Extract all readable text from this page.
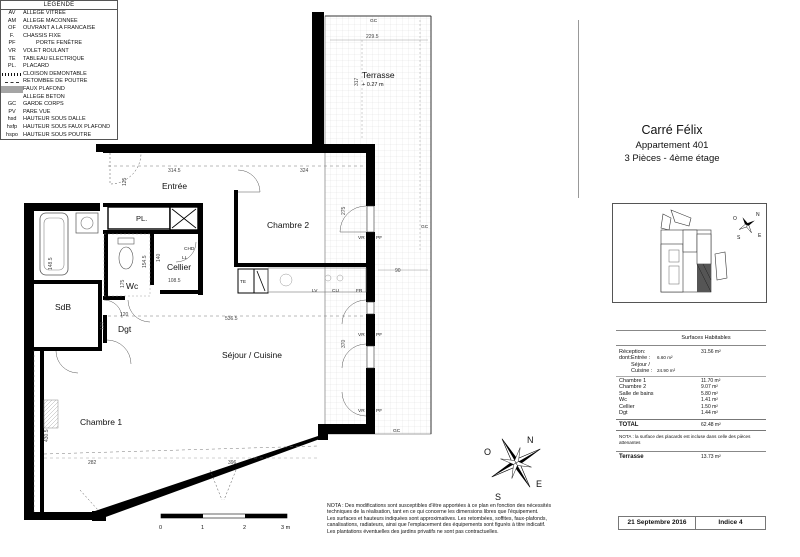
LEGENDE
AV	ALLEGE VITREE
AM	ALLEGE MACONNEE
OF	OUVRANT A LA FRANCAISE
F.	CHASSIS FIXE
PF	PORTE FENÊTRE
VR	VOLET ROULANT
TE	TABLEAU ELECTRIQUE
PL.	PLACARD
CLOISON DEMONTABLE
RETOMBEE DE POUTRE
FAUX PLAFOND
ALLEGE BETON
GC	GARDE CORPS
PV	PARE VUE
hsd	HAUTEUR SOUS DALLE
hsfp	HAUTEUR SOUS FAUX PLAFOND
hspo HAUTEUR SOUS POUTRE
Terrasse
Entrée
Chambre 2
PL.
Cellier
Wc
SdB
Dgt
Séjour / Cuisine
Chambre 1
+ 0.27 m
229.5
317
314.5	324
125
275
140
154.5
148.5
175	108.5
120
120
536.5
370
90
282	396
430.5
GC
GC
GC
VR PF
VR PF
VR PF
TE
LV	CU	FR
LL
CHD
0	1	2	3 m
N
E
S
O
Carré Félix
Appartement 401
3 Pièces - 4ème étage
N
E
S
O
Surfaces Habitables
Réception:	31.56 m²
dont: Entrée :	6.60 m²
Séjour /
Cuisine : 24.90 m²
Chambre 1	11.70 m²
Chambre 2	9.07 m²
Salle de bains	5.80 m²
Wc	1.41 m²
Cellier	1.50 m²
Dgt	1.44 m²
TOTAL	62.48 m²
NOTA : la surface des placards est incluse dans celle des pièces attenantes
Terrasse	13.73 m²
21 Septembre 2016	Indice 4
NOTA : Des modifications sont susceptibles d'être apportées à ce plan en fonction des nécessités
techniques de la réalisation, tant en ce qui concerne les dimensions libres que l'équipement.
Les surfaces et hauteurs indiquées sont approximatives. Les retombées, soffites, faux-plafonds,
canalisations, radiateurs, ainsi que l'emplacement des équipements sont figurés à titre indicatif.
Les plantations éventuelles des jardins privatifs ne sont pas contractuelles.
